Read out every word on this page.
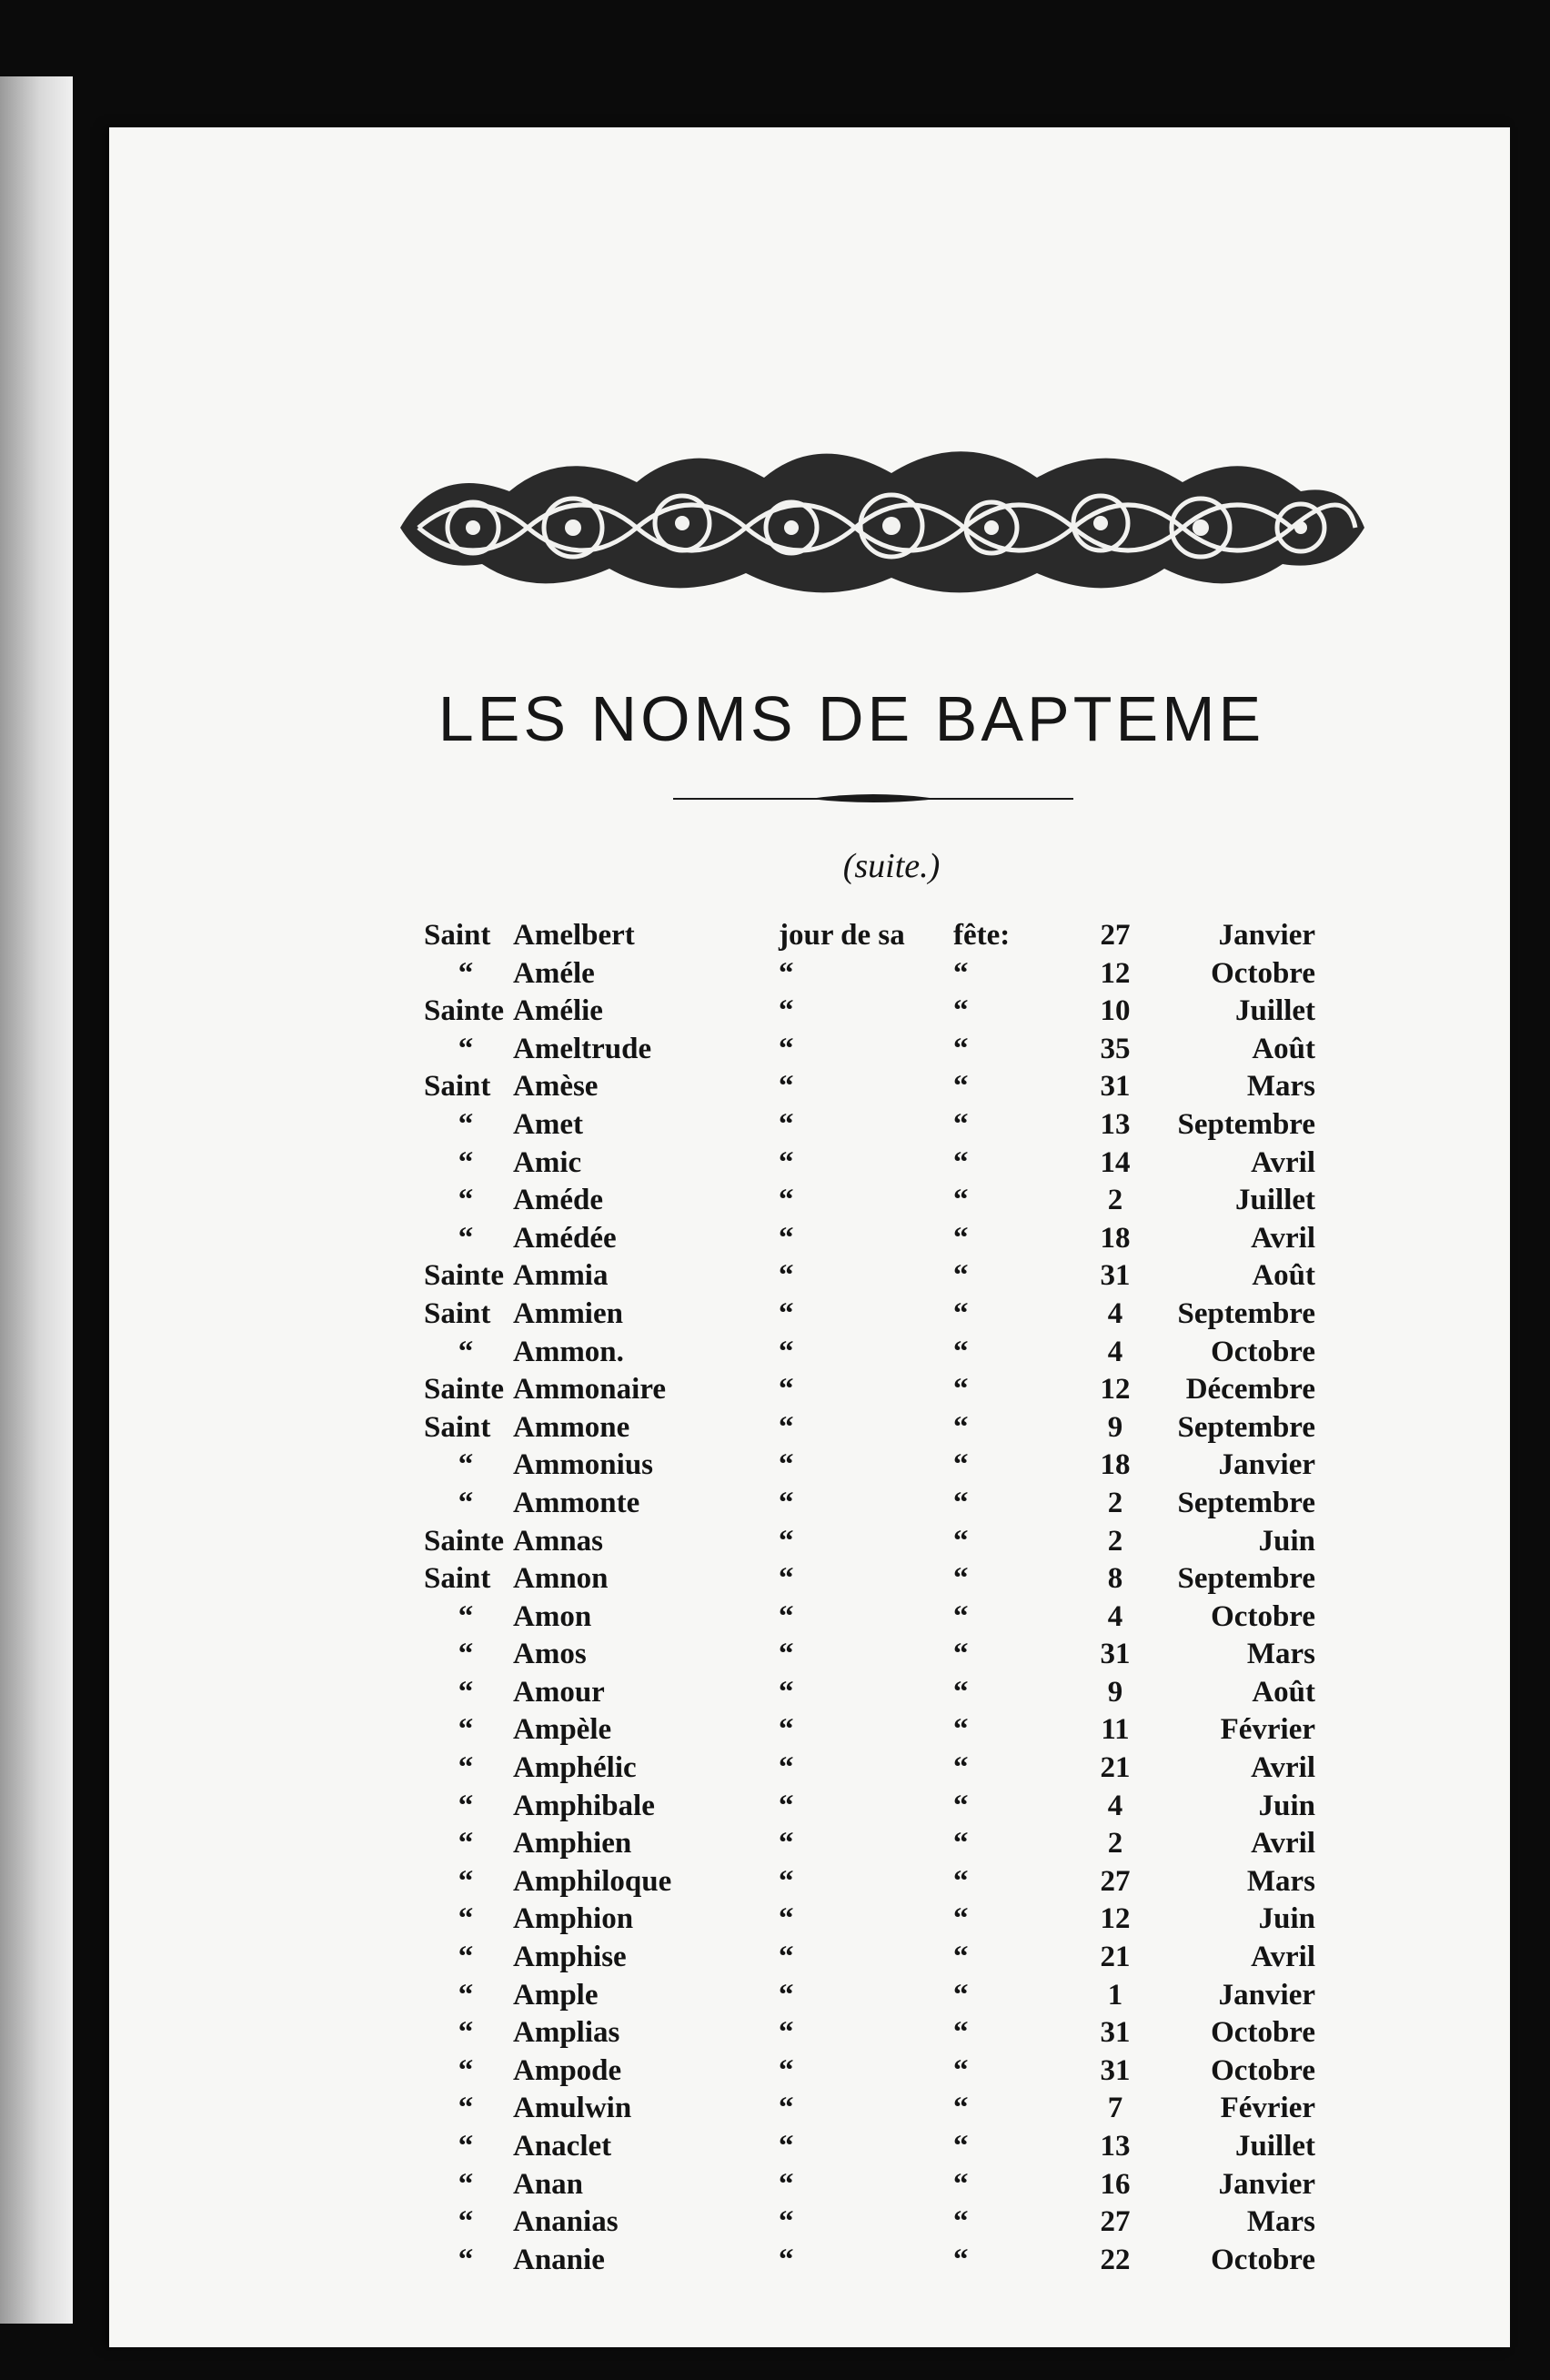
LES NOMS DE BAPTEME
(suite.)
Saint Amelbert	jour de sa fête:	27	Janvier
“	Améle	“	“	12	Octobre
Sainte Amélie	“	“	10	Juillet
“	Ameltrude	“	“	35	Août
Saint Amèse	“	“	31	Mars
“	Amet	“	“	13	Septembre
“	Amic	“	“	14	Avril
“	Améde	“	“	2	Juillet
“	Amédée	“	“	18	Avril
Sainte Ammia	“	“	31	Août
Saint Ammien	“	“	4	Septembre
“	Ammon.	“	“	4	Octobre
Sainte Ammonaire	“	“	12	Décembre
Saint Ammone	“	“	9	Septembre
“	Ammonius	“	“	18	Janvier
“	Ammonte	“	“	2	Septembre
Sainte Amnas	“	“	2	Juin
Saint Amnon	“	“	8	Septembre
“	Amon	“	“	4	Octobre
“	Amos	“	“	31	Mars
“	Amour	“	“	9	Août
“	Ampèle	“	“	11	Février
“	Amphélic	“	“	21	Avril
“	Amphibale	“	“	4	Juin
“	Amphien	“	“	2	Avril
“	Amphiloque	“	“	27	Mars
“	Amphion	“	“	12	Juin
“	Amphise	“	“	21	Avril
“	Ample	“	“	1	Janvier
“	Amplias	“	“	31	Octobre
“	Ampode	“	“	31	Octobre
“	Amulwin	“	“	7	Février
“	Anaclet	“	“	13	Juillet
“	Anan	“	“	16	Janvier
“	Ananias	“	“	27	Mars
“	Ananie	“	“	22	Octobre
